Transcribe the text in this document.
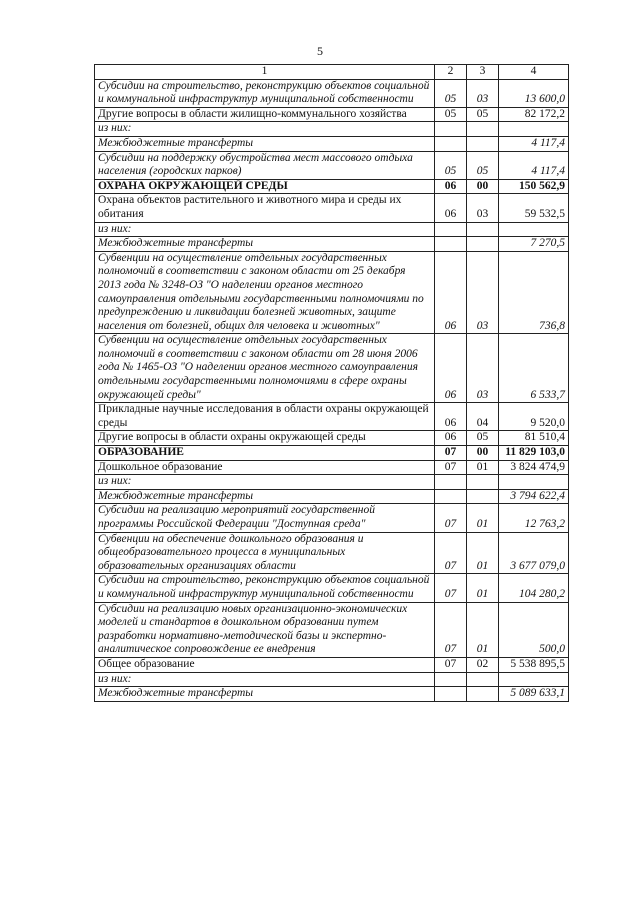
5
1	2	3	4
Субсидии на строительство, реконструкцию объектов социальной и коммунальной инфраструктур муниципальной собственности	05	03	13 600,0
Другие вопросы в области жилищно-коммунального хозяйства	05	05	82 172,2
из них:			
Межбюджетные трансферты			4 117,4
Субсидии на поддержку обустройства мест массового отдыха населения (городских парков)	05	05	4 117,4
ОХРАНА ОКРУЖАЮЩЕЙ СРЕДЫ	06	00	150 562,9
Охрана объектов растительного и животного мира и среды их обитания	06	03	59 532,5
из них:			
Межбюджетные трансферты			7 270,5
Субвенции на осуществление отдельных государственных полномочий в соответствии с законом области от 25 декабря 2013 года № 3248-ОЗ "О наделении органов местного самоуправления отдельными государственными полномочиями по предупреждению и ликвидации болезней животных, защите населения от болезней, общих для человека и животных"	06	03	736,8
Субвенции на осуществление отдельных государственных полномочий в соответствии с законом области от 28 июня 2006 года № 1465-ОЗ "О наделении органов местного самоуправления отдельными государственными полномочиями в сфере охраны окружающей среды"	06	03	6 533,7
Прикладные научные исследования в области охраны окружающей среды	06	04	9 520,0
Другие вопросы в области охраны окружающей среды	06	05	81 510,4
ОБРАЗОВАНИЕ	07	00	11 829 103,0
Дошкольное образование	07	01	3 824 474,9
из них:			
Межбюджетные трансферты			3 794 622,4
Субсидии на реализацию мероприятий государственной программы Российской Федерации "Доступная среда"	07	01	12 763,2
Субвенции на обеспечение дошкольного образования и общеобразовательного процесса в муниципальных образовательных организациях области	07	01	3 677 079,0
Субсидии на строительство, реконструкцию объектов социальной и коммунальной инфраструктур муниципальной собственности	07	01	104 280,2
Субсидии на реализацию новых организационно-экономических моделей и стандартов в дошкольном образовании путем разработки нормативно-методической базы и экспертно-аналитическое сопровождение ее внедрения	07	01	500,0
Общее образование	07	02	5 538 895,5
из них:			
Межбюджетные трансферты			5 089 633,1
